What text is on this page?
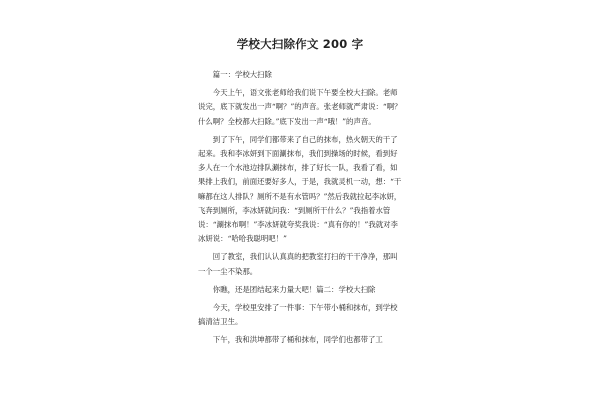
学校大扫除作文 200 字

篇一：学校大扫除

今天上午，语文张老师给我们说下午要全校大扫除。老师说完，底下就发出一声“啊？”的声音。张老师就严肃说：“啊？什么啊？全校都大扫除。”底下发出一声“哦！”的声音。

到了下午，同学们都带来了自己的抹布，热火朝天的干了起来。我和李冰妍到下面涮抹布，我们到操场的时候，看到好多人在一个水池边排队涮抹布，排了好长一队，我看了看，如果排上我们，前面还要好多人，于是，我就灵机一动，想：“干嘛都在这人排队？厕所不是有水管吗？”然后我就拉起李冰妍，飞奔到厕所，李冰妍就问我：“到厕所干什么？”我指着水管说：“涮抹布啊！”李冰妍就夸奖我说：“真有你的！”我就对李冰妍说：“哈哈我聪明吧！”

回了教室，我们认认真真的把教室打扫的干干净净，那叫一个一尘不染那。

你瞧，还是团结起来力量大吧！篇二：学校大扫除

今天，学校里安排了一件事：下午带小桶和抹布，到学校搞清洁卫生。

下午，我和洪坤都带了桶和抹布，同学们也都带了工
